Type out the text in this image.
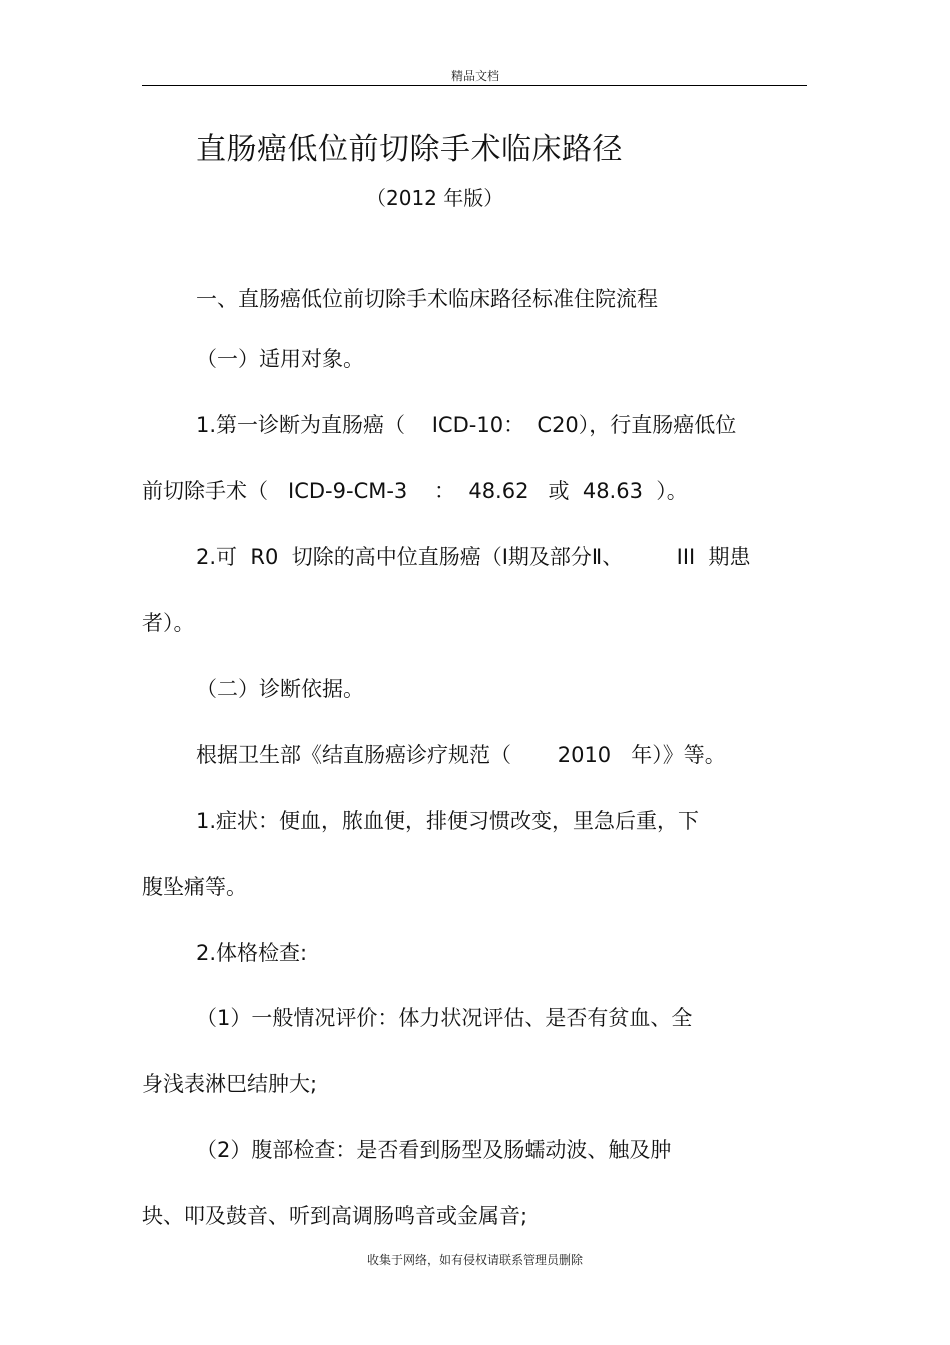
精品文档
直肠癌低位前切除手术临床路径
（2012 年版）
一、直肠癌低位前切除手术临床路径标准住院流程
（一）适用对象。
1.第一诊断为直肠癌（    ICD-10：  C20），行直肠癌低位
前切除手术（   ICD-9-CM-3    ：  48.62   或  48.63  ）。
2.可  R0  切除的高中位直肠癌（Ⅰ期及部分Ⅱ、        III  期患
者）。
（二）诊断依据。
根据卫生部《结直肠癌诊疗规范（       2010   年）》等。
1.症状：便血，脓血便，排便习惯改变，里急后重，下
腹坠痛等。
2.体格检查:
（1）一般情况评价：体力状况评估、是否有贫血、全
身浅表淋巴结肿大;
（2）腹部检查：是否看到肠型及肠蠕动波、触及肿
块、叩及鼓音、听到高调肠鸣音或金属音;
收集于网络，如有侵权请联系管理员删除
